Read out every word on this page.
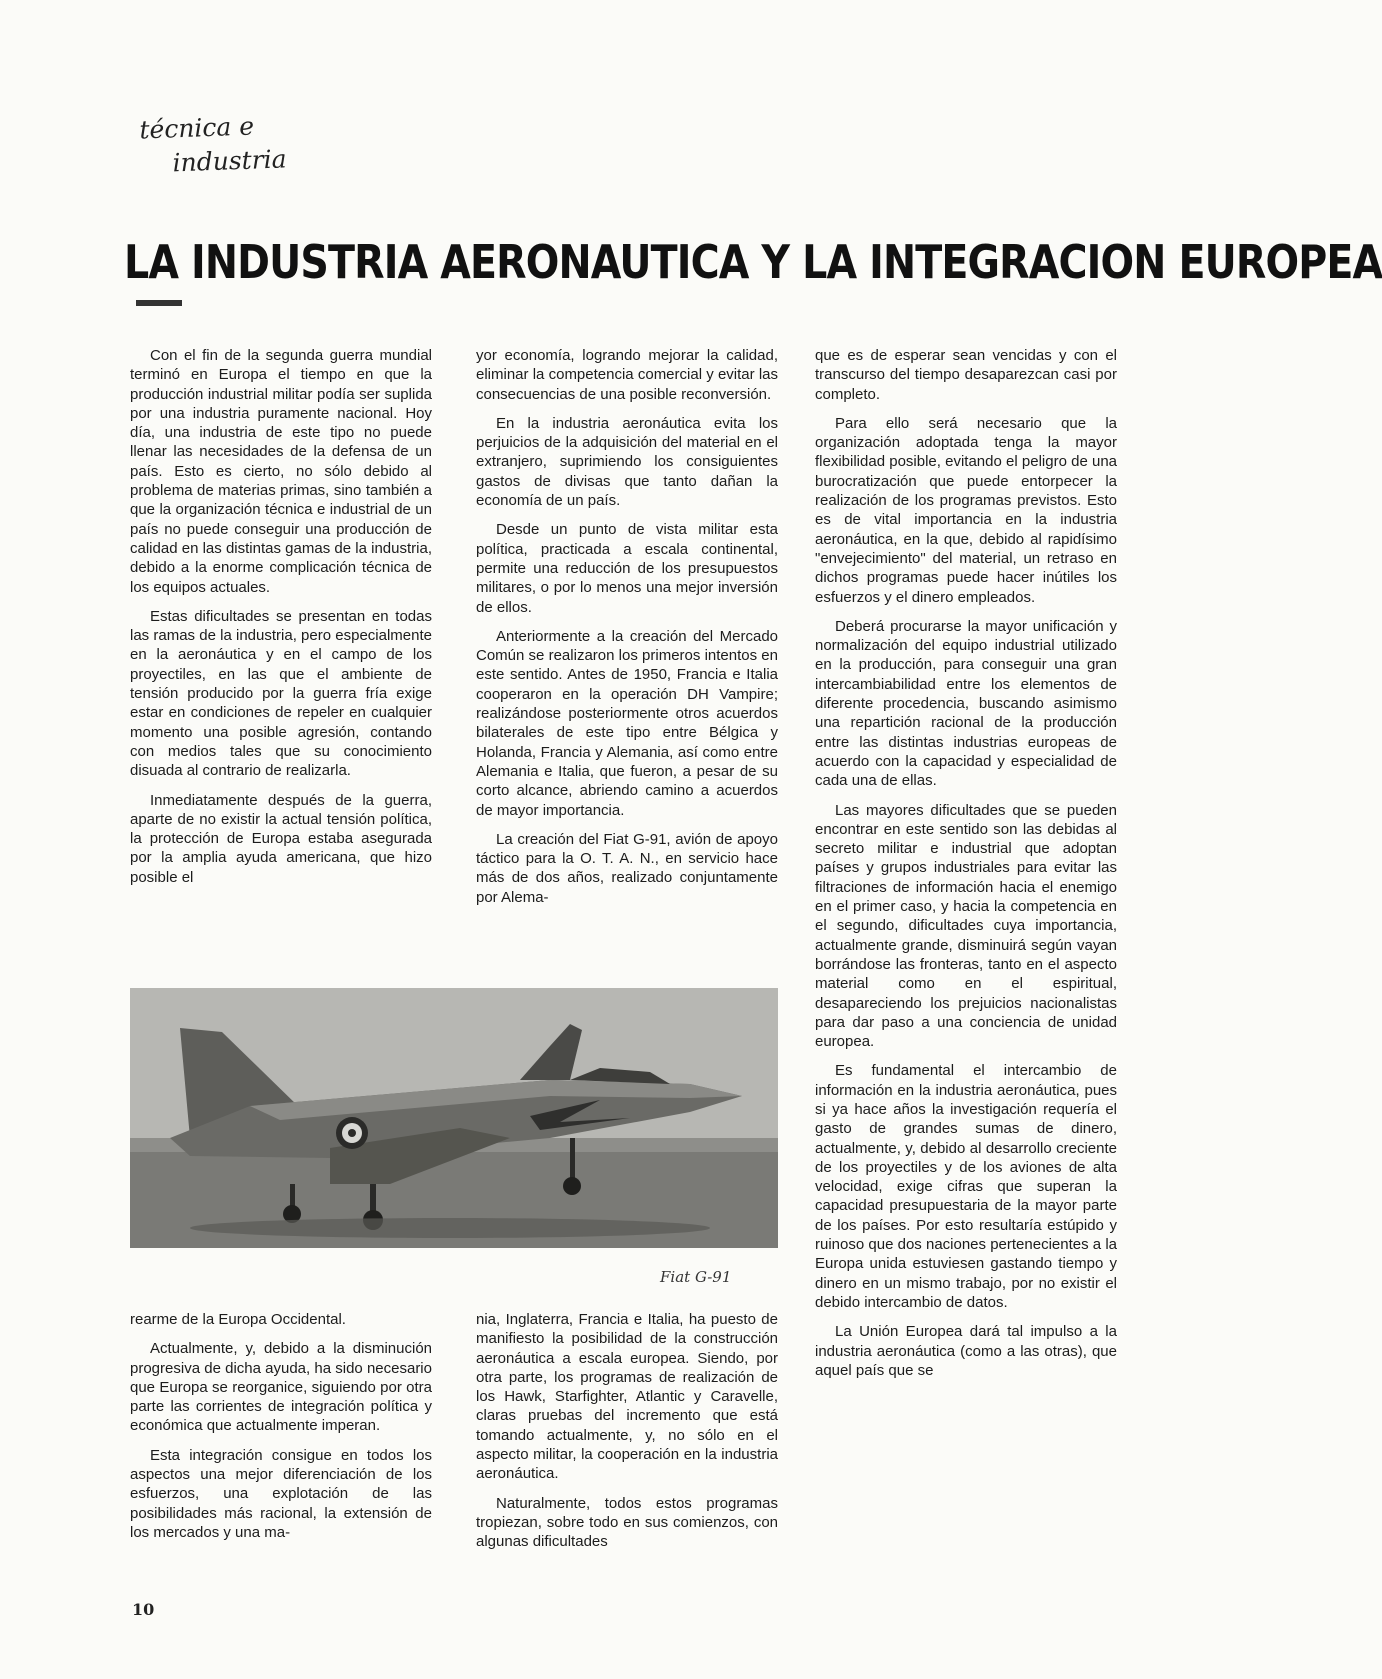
técnica e
industria
LA INDUSTRIA AERONAUTICA Y LA INTEGRACION EUROPEA

Con el fin de la segunda guerra mundial terminó en Europa el tiempo en que la producción industrial militar podía ser suplida por una industria puramente nacional. Hoy día, una industria de este tipo no puede llenar las necesidades de la defensa de un país. Esto es cierto, no sólo debido al problema de materias primas, sino también a que la organización técnica e industrial de un país no puede conseguir una producción de calidad en las distintas gamas de la industria, debido a la enorme complicación técnica de los equipos actuales.

Estas dificultades se presentan en todas las ramas de la industria, pero especialmente en la aeronáutica y en el campo de los proyectiles, en las que el ambiente de tensión producido por la guerra fría exige estar en condiciones de repeler en cualquier momento una posible agresión, contando con medios tales que su conocimiento disuada al contrario de realizarla.

Inmediatamente después de la guerra, aparte de no existir la actual tensión política, la protección de Europa estaba asegurada por la amplia ayuda americana, que hizo posible el

yor economía, logrando mejorar la calidad, eliminar la competencia comercial y evitar las consecuencias de una posible reconversión.

En la industria aeronáutica evita los perjuicios de la adquisición del material en el extranjero, suprimiendo los consiguientes gastos de divisas que tanto dañan la economía de un país.

Desde un punto de vista militar esta política, practicada a escala continental, permite una reducción de los presupuestos militares, o por lo menos una mejor inversión de ellos.

Anteriormente a la creación del Mercado Común se realizaron los primeros intentos en este sentido. Antes de 1950, Francia e Italia cooperaron en la operación DH Vampire; realizándose posteriormente otros acuerdos bilaterales de este tipo entre Bélgica y Holanda, Francia y Alemania, así como entre Alemania e Italia, que fueron, a pesar de su corto alcance, abriendo camino a acuerdos de mayor importancia.

La creación del Fiat G-91, avión de apoyo táctico para la O. T. A. N., en servicio hace más de dos años, realizado conjuntamente por Alema-

que es de esperar sean vencidas y con el transcurso del tiempo desaparezcan casi por completo.

Para ello será necesario que la organización adoptada tenga la mayor flexibilidad posible, evitando el peligro de una burocratización que puede entorpecer la realización de los programas previstos. Esto es de vital importancia en la industria aeronáutica, en la que, debido al rapidísimo "envejecimiento" del material, un retraso en dichos programas puede hacer inútiles los esfuerzos y el dinero empleados.

Deberá procurarse la mayor unificación y normalización del equipo industrial utilizado en la producción, para conseguir una gran intercambiabilidad entre los elementos de diferente procedencia, buscando asimismo una repartición racional de la producción entre las distintas industrias europeas de acuerdo con la capacidad y especialidad de cada una de ellas.

Las mayores dificultades que se pueden encontrar en este sentido son las debidas al secreto militar e industrial que adoptan países y grupos industriales para evitar las filtraciones de información hacia el enemigo en el primer caso, y hacia la competencia en el segundo, dificultades cuya importancia, actualmente grande, disminuirá según vayan borrándose las fronteras, tanto en el aspecto material como en el espiritual, desapareciendo los prejuicios nacionalistas para dar paso a una conciencia de unidad europea.

Es fundamental el intercambio de información en la industria aeronáutica, pues si ya hace años la investigación requería el gasto de grandes sumas de dinero, actualmente, y, debido al desarrollo creciente de los proyectiles y de los aviones de alta velocidad, exige cifras que superan la capacidad presupuestaria de la mayor parte de los países. Por esto resultaría estúpido y ruinoso que dos naciones pertenecientes a la Europa unida estuviesen gastando tiempo y dinero en un mismo trabajo, por no existir el debido intercambio de datos.

La Unión Europea dará tal impulso a la industria aeronáutica (como a las otras), que aquel país que se

Fiat G-91

rearme de la Europa Occidental.

Actualmente, y, debido a la disminución progresiva de dicha ayuda, ha sido necesario que Europa se reorganice, siguiendo por otra parte las corrientes de integración política y económica que actualmente imperan.

Esta integración consigue en todos los aspectos una mejor diferenciación de los esfuerzos, una explotación de las posibilidades más racional, la extensión de los mercados y una ma-

nia, Inglaterra, Francia e Italia, ha puesto de manifiesto la posibilidad de la construcción aeronáutica a escala europea. Siendo, por otra parte, los programas de realización de los Hawk, Starfighter, Atlantic y Caravelle, claras pruebas del incremento que está tomando actualmente, y, no sólo en el aspecto militar, la cooperación en la industria aeronáutica.

Naturalmente, todos estos programas tropiezan, sobre todo en sus comienzos, con algunas dificultades

10
